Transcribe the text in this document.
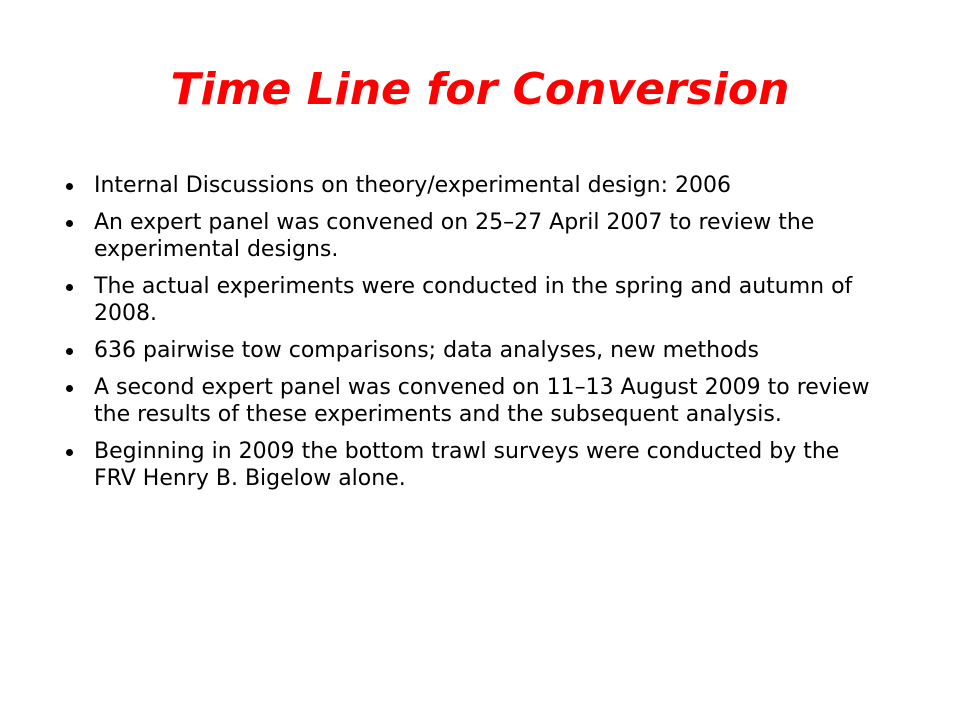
Time Line for Conversion
Internal Discussions on theory/experimental design: 2006
An expert panel was convened on 25–27 April 2007 to review the experimental designs.
The actual experiments were conducted in the spring and autumn of 2008.
636 pairwise tow comparisons; data analyses, new methods
A second expert panel was convened on 11–13 August 2009 to review the results of these experiments and the subsequent analysis.
Beginning in 2009 the bottom trawl surveys were conducted by the FRV Henry B. Bigelow alone.
